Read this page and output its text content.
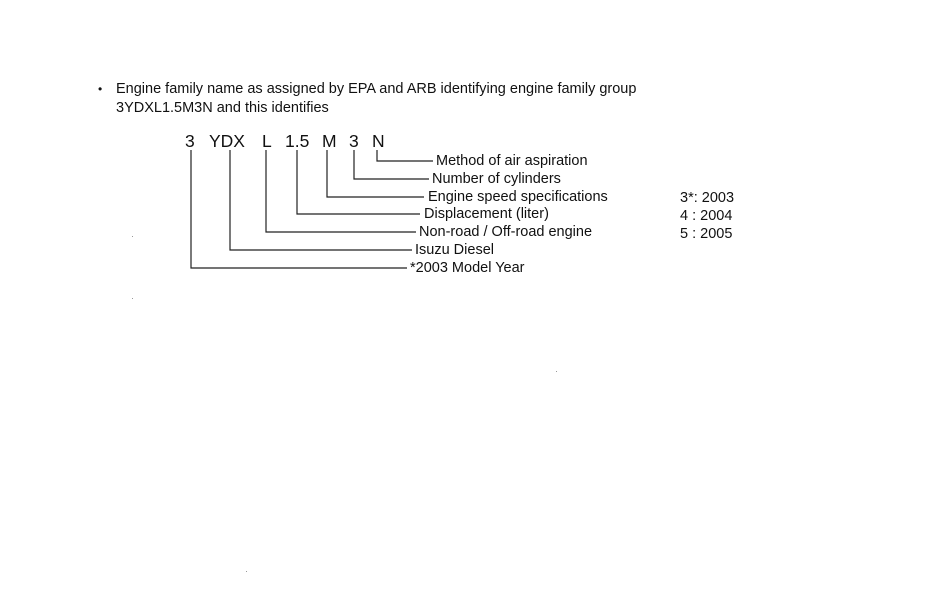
• Engine family name as assigned by EPA and ARB identifying engine family group
3YDXL1.5M3N and this identifies
3 YDX L 1.5 M 3 N
Method of air aspiration
Number of cylinders
Engine speed specifications
Displacement (liter)
Non-road / Off-road engine
Isuzu Diesel
*2003 Model Year
3*: 2003
4 : 2004
5 : 2005
